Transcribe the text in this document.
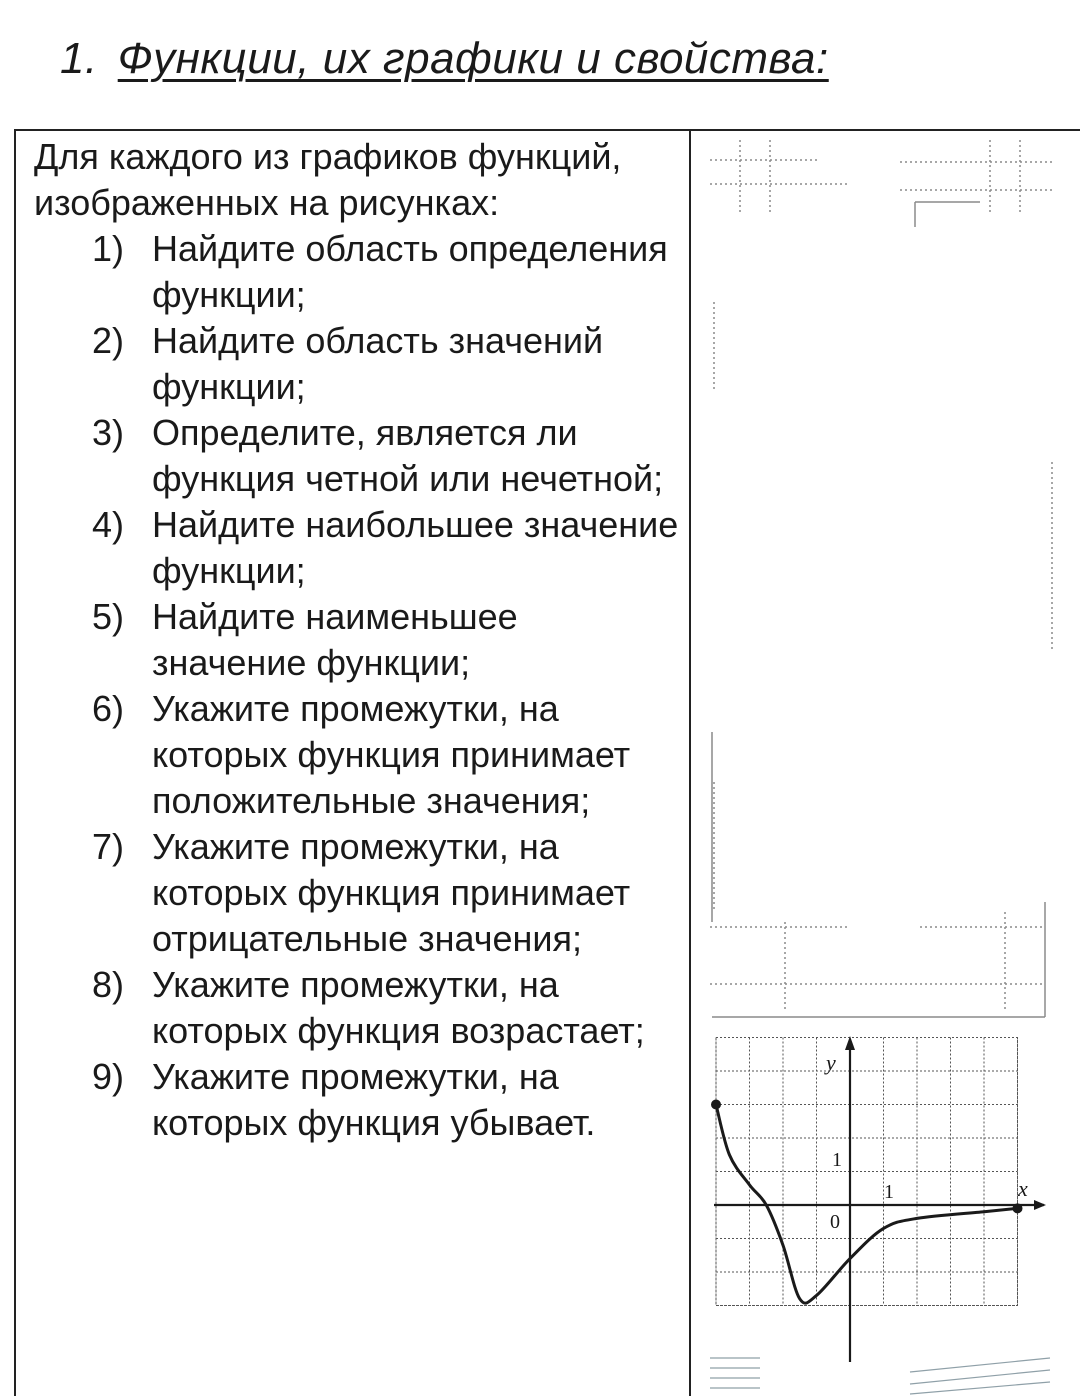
1. Функции, их графики и свойства:

Для каждого из графиков функций, изображенных на рисунках:

1) Найдите область определения функции;
2) Найдите область значений функции;
3) Определите, является ли функция четной или нечетной;
4) Найдите наибольшее значение функции;
5) Найдите наименьшее значение функции;
6) Укажите промежутки, на которых функция принимает положительные значения;
7) Укажите промежутки, на которых функция принимает отрицательные значения;
8) Укажите промежутки, на которых функция возрастает;
9) Укажите промежутки, на которых функция убывает.
y
x
1
1
0
